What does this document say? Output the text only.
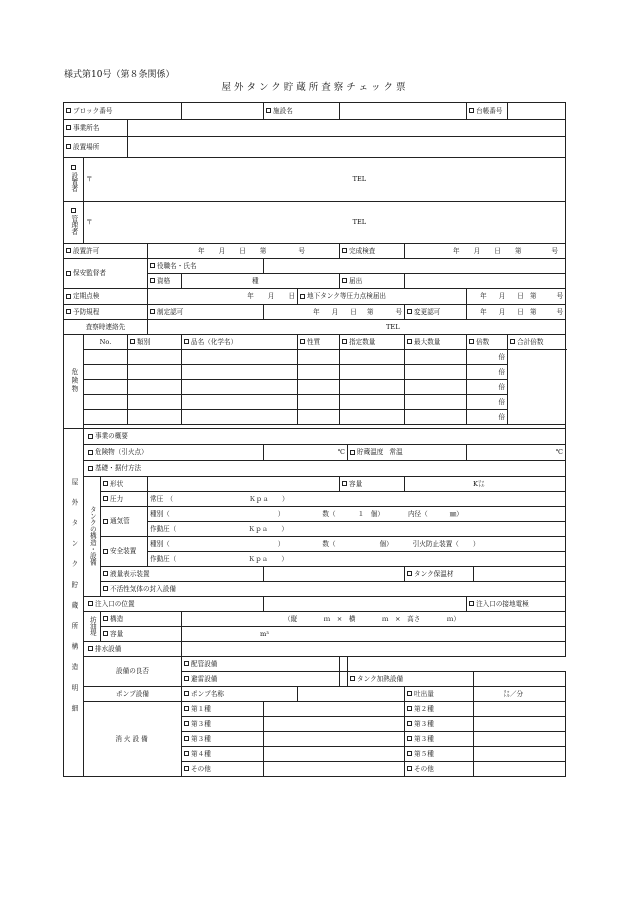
様式第10号（第８条関係）
屋外タンク貯蔵所査察チェック票
ブロック番号						施設名					台帳番号		
事業所名													
設置場所													

設置者	〒 TEL												

管理者	〒 TEL												
設置許可				年 月 日 第 号				完成検査		年 月 日 第 号			
保安監督者				役職名・氏名									
				資格	種			届出					
定期点検				年 月 日			地下タンク等圧力点検届出				年 月 日 第 号		
予防規程				制定認可		年 月 日 第 号				変更認可	年 月 日 第 号		
査察時連絡先				TEL									
危険物	No.		類別		品名（化学名）		性質	指定数量		最大数量	倍数		合計倍数
											倍		
											倍		
											倍		
											倍		
											倍		

屋外タンク貯蔵所構造明細	事業の概要												
	危険物（引火点）					℃			貯蔵温度 常温		℃		
	基礎・据付方法												
	タンクの構造・設備	形状						容量		K㍑			
		圧力		常圧　（ Ｋｐａ　　）									
		通気管		種別（ ） 数（ １　個） 内径（ ㎜）									
				作動圧（ Ｋｐａ　　）									
		安全装置		種別（ ） 数（ 個） 引火防止装置（ ）									
				作動圧（ Ｋｐａ　　）									
		液量表示装置								タンク保温材			
		不活性気体の封入設備											
	注入口の位置										注入口の接地電極		
	坊油堤	構造			（縦　　　　ｍ　×　横　　　　ｍ　×　高さ　　　　ｍ）								
		容量			m³								
	排水設備												
	設備の良否				配管設備								
					避雷設備				タンク加熱設備				
	ポンプ設備				ポンプ名称					吐出量		㍑／分	
	消火設備				第１種					第２種			
					第３種					第３種			
					第３種					第３種			
					第４種					第５種			
					その他					その他			
